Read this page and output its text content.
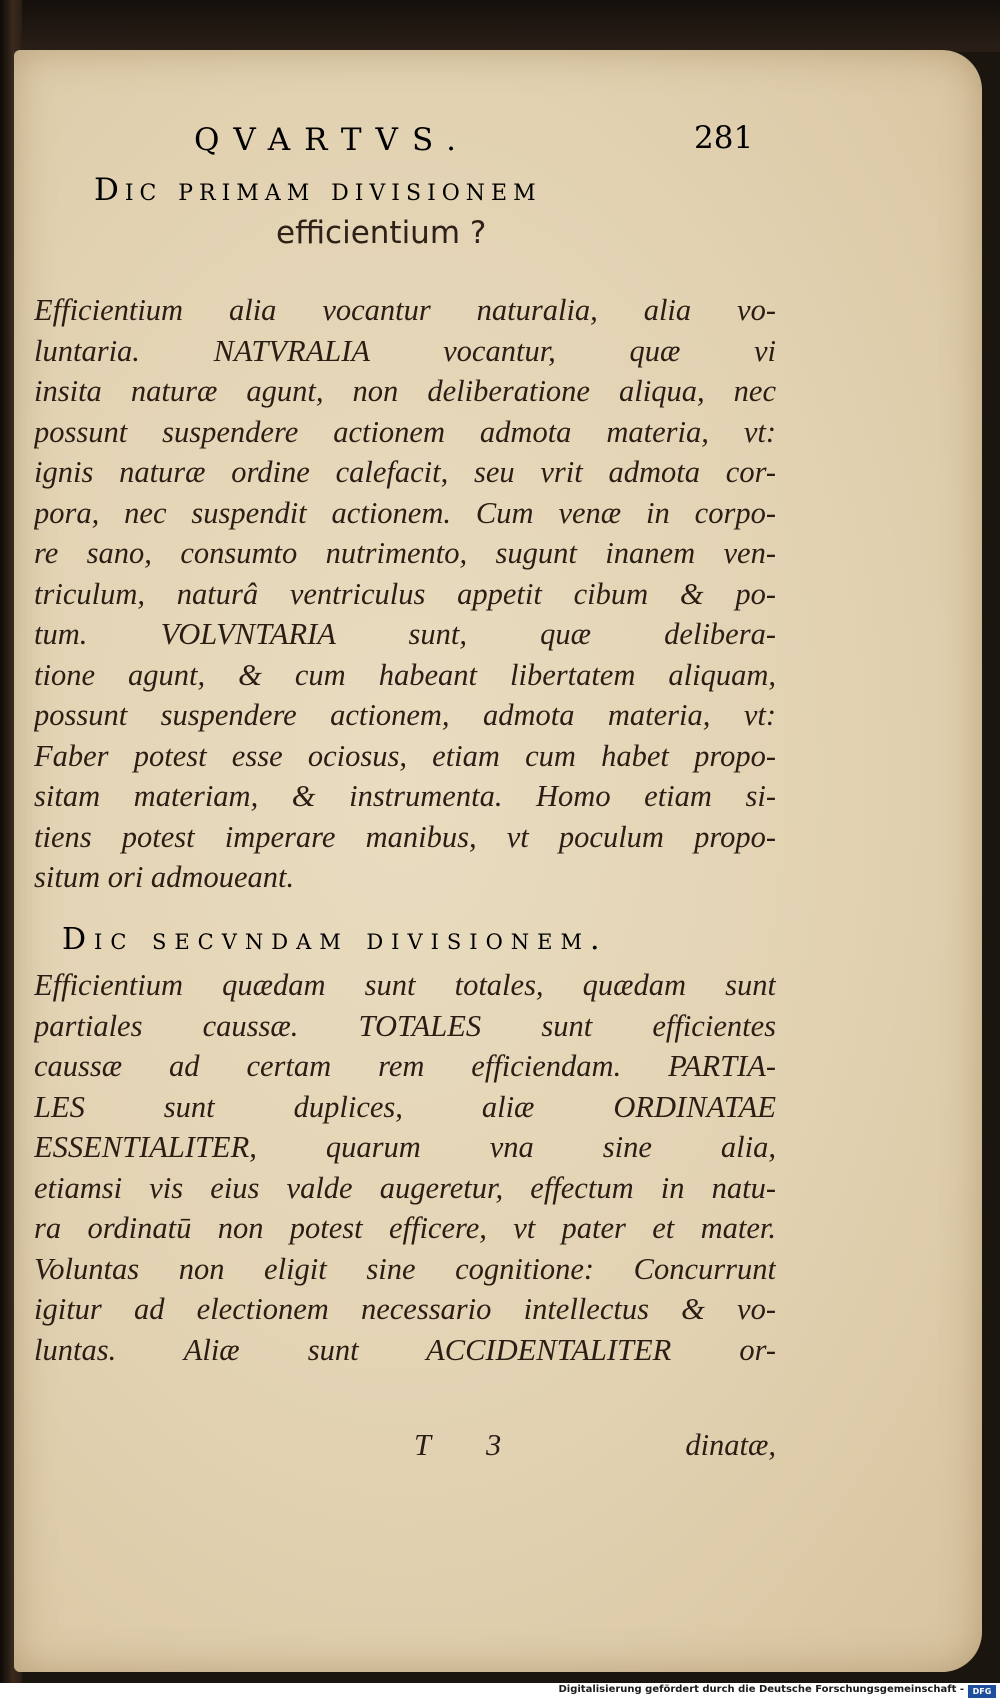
QVARTVS.	281
Dic primam divisionem
efficientium ?
Efficientium alia vocantur naturalia, alia vo-
luntaria. NATVRALIA vocantur, quæ vi
insita naturæ agunt, non deliberatione aliqua, nec
possunt suspendere actionem admota materia, vt:
ignis naturæ ordine calefacit, seu vrit admota cor-
pora, nec suspendit actionem. Cum venæ in corpo-
re sano, consumto nutrimento, sugunt inanem ven-
triculum, naturâ ventriculus appetit cibum & po-
tum. VOLVNTARIA sunt, quæ delibera-
tione agunt, & cum habeant libertatem aliquam,
possunt suspendere actionem, admota materia, vt:
Faber potest esse ociosus, etiam cum habet propo-
sitam materiam, & instrumenta. Homo etiam si-
tiens potest imperare manibus, vt poculum propo-
situm ori admoueant.
Dic secvndam divisionem.
Efficientium quædam sunt totales, quædam sunt
partiales caussæ. TOTALES sunt efficientes
caussæ ad certam rem efficiendam. PARTIA-
LES sunt duplices, aliæ ORDINATAE
ESSENTIALITER, quarum vna sine alia,
etiamsi vis eius valde augeretur, effectum in natu-
ra ordinatū non potest efficere, vt pater et mater.
Voluntas non eligit sine cognitione: Concurrunt
igitur ad electionem necessario intellectus & vo-
luntas. Aliæ sunt ACCIDENTALITER or-
T 3	dinatæ,
Digitalisierung gefördert durch die Deutsche Forschungsgemeinschaft -	DFG
